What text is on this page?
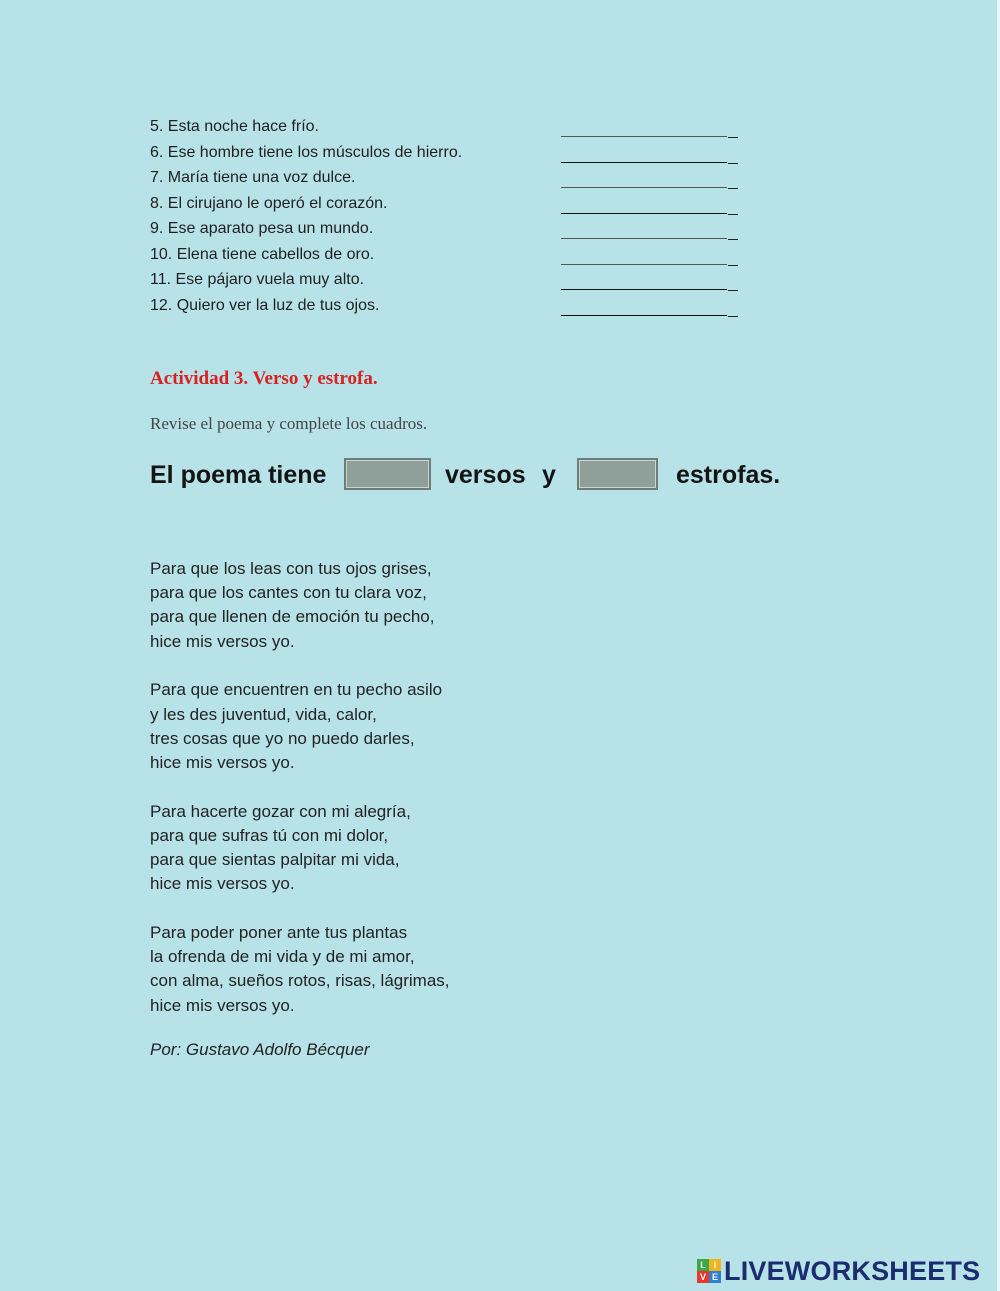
5. Esta noche hace frío.
6. Ese hombre tiene los músculos de hierro.
7. María tiene una voz dulce.
8. El cirujano le operó el corazón.
9. Ese aparato pesa un mundo.
10. Elena tiene cabellos de oro.
11. Ese pájaro vuela muy alto.
12. Quiero ver la luz de tus ojos.
Actividad 3. Verso y estrofa.
Revise el poema y complete los cuadros.
El poema tiene	versos y	estrofas.
Para que los leas con tus ojos grises,
para que los cantes con tu clara voz,
para que llenen de emoción tu pecho,
hice mis versos yo.
Para que encuentren en tu pecho asilo
y les des juventud, vida, calor,
tres cosas que yo no puedo darles,
hice mis versos yo.
Para hacerte gozar con mi alegría,
para que sufras tú con mi dolor,
para que sientas palpitar mi vida,
hice mis versos yo.
Para poder poner ante tus plantas
la ofrenda de mi vida y de mi amor,
con alma, sueños rotos, risas, lágrimas,
hice mis versos yo.
Por: Gustavo Adolfo Bécquer
L I
V E LIVEWORKSHEETS
